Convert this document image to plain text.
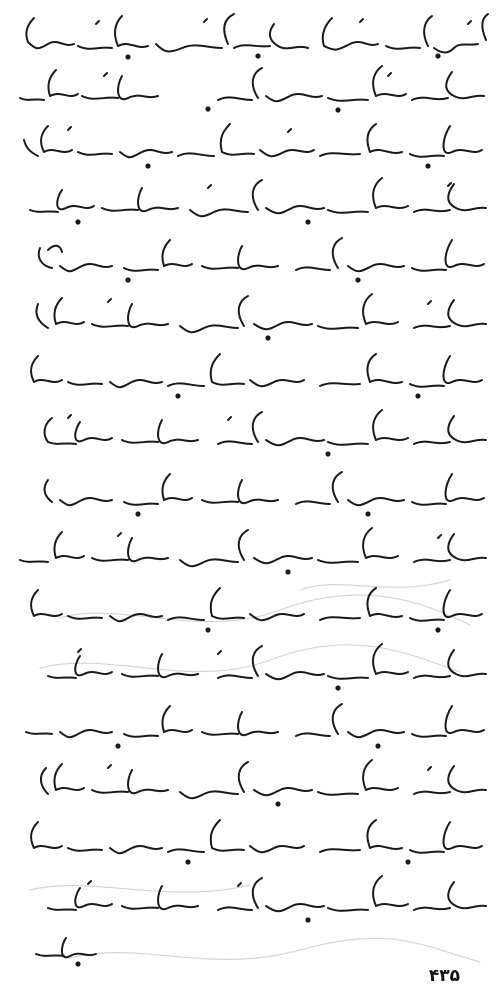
۴۳۵
